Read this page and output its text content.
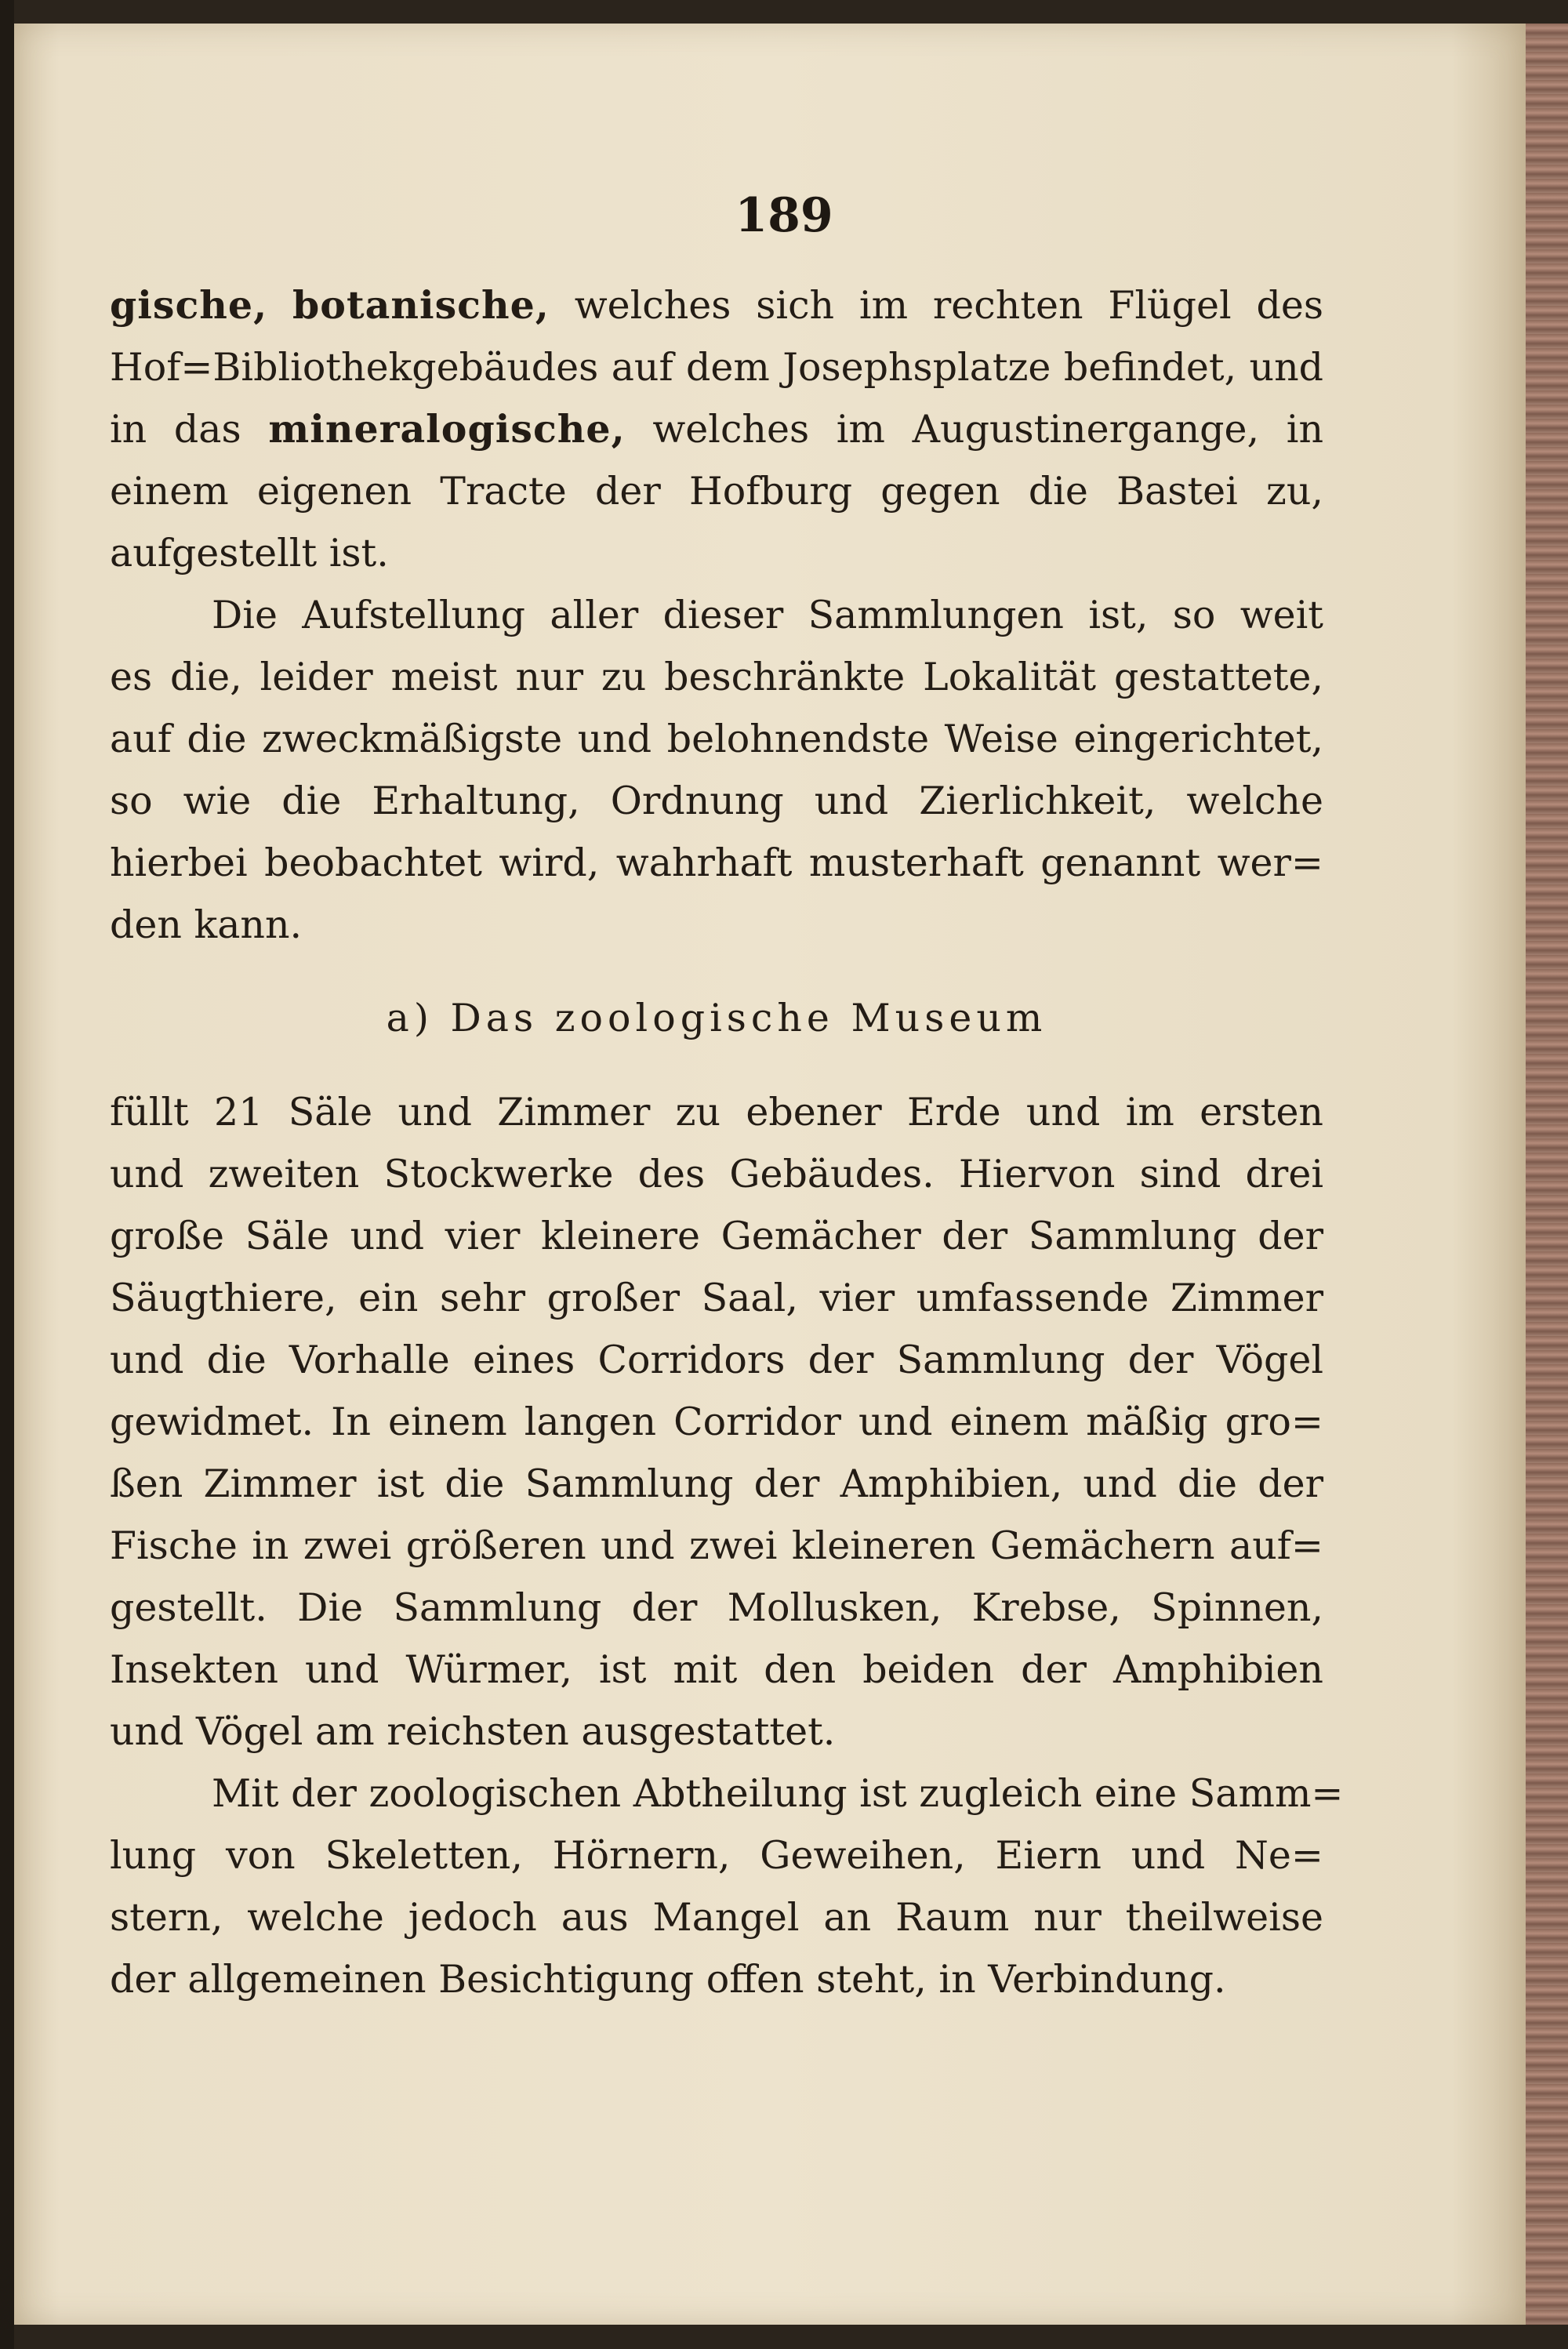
189
gische, botanische, welches sich im rechten Flügel des
Hof=Bibliothekgebäudes auf dem Josephsplatze befindet, und
in das mineralogische, welches im Augustinergange, in
einem eigenen Tracte der Hofburg gegen die Bastei zu,
aufgestellt ist.
Die Aufstellung aller dieser Sammlungen ist, so weit
es die, leider meist nur zu beschränkte Lokalität gestattete,
auf die zweckmäßigste und belohnendste Weise eingerichtet,
so wie die Erhaltung, Ordnung und Zierlichkeit, welche
hierbei beobachtet wird, wahrhaft musterhaft genannt wer=
den kann.
a) Das zoologische Museum
füllt 21 Säle und Zimmer zu ebener Erde und im ersten
und zweiten Stockwerke des Gebäudes. Hiervon sind drei
große Säle und vier kleinere Gemächer der Sammlung der
Säugthiere, ein sehr großer Saal, vier umfassende Zimmer
und die Vorhalle eines Corridors der Sammlung der Vögel
gewidmet. In einem langen Corridor und einem mäßig gro=
ßen Zimmer ist die Sammlung der Amphibien, und die der
Fische in zwei größeren und zwei kleineren Gemächern auf=
gestellt. Die Sammlung der Mollusken, Krebse, Spinnen,
Insekten und Würmer, ist mit den beiden der Amphibien
und Vögel am reichsten ausgestattet.
Mit der zoologischen Abtheilung ist zugleich eine Samm=
lung von Skeletten, Hörnern, Geweihen, Eiern und Ne=
stern, welche jedoch aus Mangel an Raum nur theilweise
der allgemeinen Besichtigung offen steht, in Verbindung.
